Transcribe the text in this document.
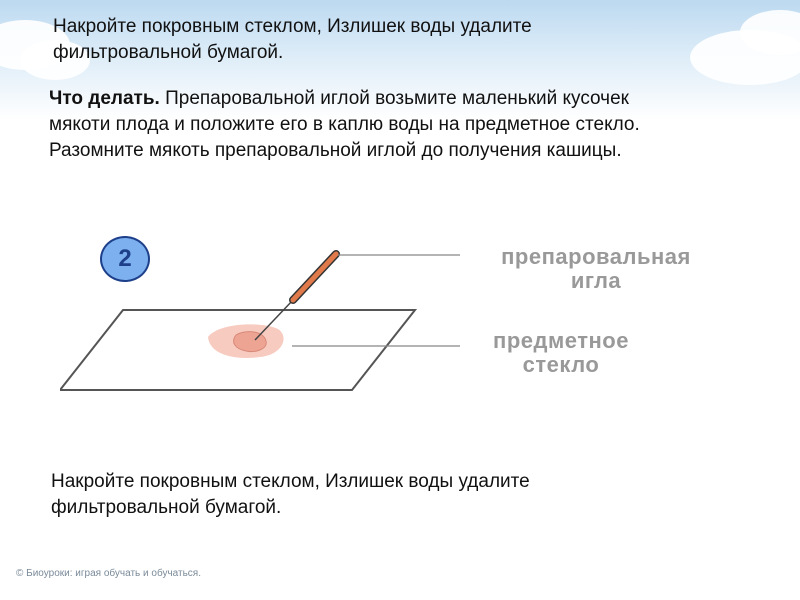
Накройте покровным стеклом, Излишек воды удалите
фильтровальной бумагой.
Что делать. Препаровальной иглой возьмите маленький кусочек
мякоти плода и положите его в каплю воды на предметное стекло.
Разомните мякоть препаровальной иглой до получения кашицы.
2	препаровальная
игла
предметное
стекло
Накройте покровным стеклом, Излишек воды удалите
фильтровальной бумагой.
© Биоуроки: играя обучать и обучаться.
